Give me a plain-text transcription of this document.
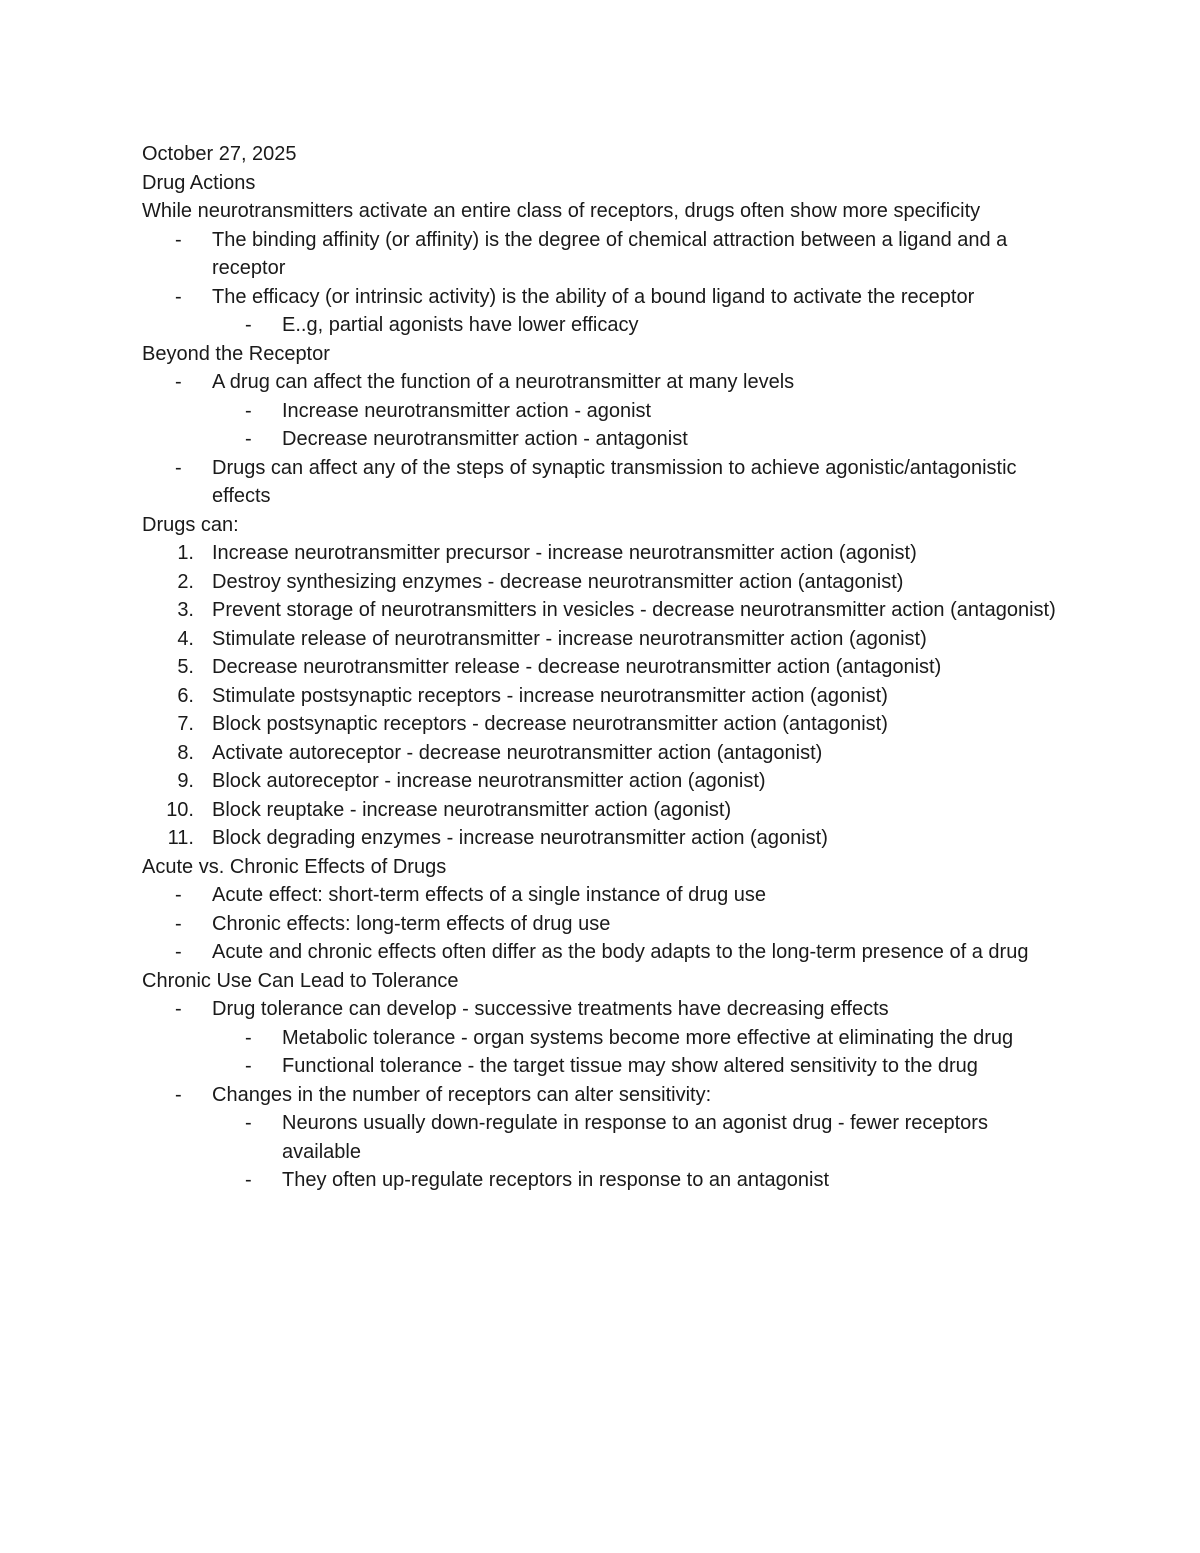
October 27, 2025

Drug Actions

While neurotransmitters activate an entire class of receptors, drugs often show more specificity
- The binding affinity (or affinity) is the degree of chemical attraction between a ligand and a receptor
- The efficacy (or intrinsic activity) is the ability of a bound ligand to activate the receptor
- E..g, partial agonists have lower efficacy

Beyond the Receptor

- A drug can affect the function of a neurotransmitter at many levels
- Increase neurotransmitter action - agonist
- Decrease neurotransmitter action - antagonist
- Drugs can affect any of the steps of synaptic transmission to achieve agonistic/antagonistic effects

Drugs can:

1. Increase neurotransmitter precursor - increase neurotransmitter action (agonist)
2. Destroy synthesizing enzymes - decrease neurotransmitter action (antagonist)
3. Prevent storage of neurotransmitters in vesicles - decrease neurotransmitter action (antagonist)
4. Stimulate release of neurotransmitter - increase neurotransmitter action (agonist)
5. Decrease neurotransmitter release - decrease neurotransmitter action (antagonist)
6. Stimulate postsynaptic receptors - increase neurotransmitter action (agonist)
7. Block postsynaptic receptors - decrease neurotransmitter action (antagonist)
8. Activate autoreceptor - decrease neurotransmitter action (antagonist)
9. Block autoreceptor - increase neurotransmitter action (agonist)
10. Block reuptake - increase neurotransmitter action (agonist)
11. Block degrading enzymes - increase neurotransmitter action (agonist)

Acute vs. Chronic Effects of Drugs

- Acute effect: short-term effects of a single instance of drug use
- Chronic effects: long-term effects of drug use
- Acute and chronic effects often differ as the body adapts to the long-term presence of a drug

Chronic Use Can Lead to Tolerance

- Drug tolerance can develop - successive treatments have decreasing effects
- Metabolic tolerance - organ systems become more effective at eliminating the drug
- Functional tolerance - the target tissue may show altered sensitivity to the drug
- Changes in the number of receptors can alter sensitivity:
- Neurons usually down-regulate in response to an agonist drug - fewer receptors available
- They often up-regulate receptors in response to an antagonist
